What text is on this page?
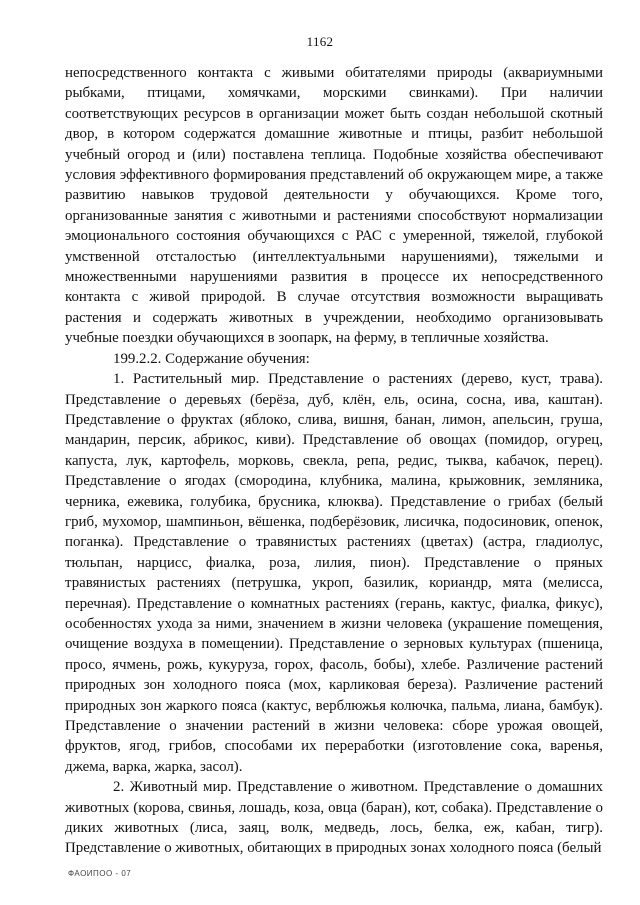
1162

непосредственного контакта с живыми обитателями природы (аквариумными рыбками, птицами, хомячками, морскими свинками). При наличии соответствующих ресурсов в организации может быть создан небольшой скотный двор, в котором содержатся домашние животные и птицы, разбит небольшой учебный огород и (или) поставлена теплица. Подобные хозяйства обеспечивают условия эффективного формирования представлений об окружающем мире, а также развитию навыков трудовой деятельности у обучающихся. Кроме того, организованные занятия с животными и растениями способствуют нормализации эмоционального состояния обучающихся с РАС с умеренной, тяжелой, глубокой умственной отсталостью (интеллектуальными нарушениями), тяжелыми и множественными нарушениями развития в процессе их непосредственного контакта с живой природой. В случае отсутствия возможности выращивать растения и содержать животных в учреждении, необходимо организовывать учебные поездки обучающихся в зоопарк, на ферму, в тепличные хозяйства.

199.2.2. Содержание обучения:

1. Растительный мир. Представление о растениях (дерево, куст, трава). Представление о деревьях (берёза, дуб, клён, ель, осина, сосна, ива, каштан). Представление о фруктах (яблоко, слива, вишня, банан, лимон, апельсин, груша, мандарин, персик, абрикос, киви). Представление об овощах (помидор, огурец, капуста, лук, картофель, морковь, свекла, репа, редис, тыква, кабачок, перец). Представление о ягодах (смородина, клубника, малина, крыжовник, земляника, черника, ежевика, голубика, брусника, клюква). Представление о грибах (белый гриб, мухомор, шампиньон, вёшенка, подберёзовик, лисичка, подосиновик, опенок, поганка). Представление о травянистых растениях (цветах) (астра, гладиолус, тюльпан, нарцисс, фиалка, роза, лилия, пион). Представление о пряных травянистых растениях (петрушка, укроп, базилик, кориандр, мята (мелисса, перечная). Представление о комнатных растениях (герань, кактус, фиалка, фикус), особенностях ухода за ними, значением в жизни человека (украшение помещения, очищение воздуха в помещении). Представление о зерновых культурах (пшеница, просо, ячмень, рожь, кукуруза, горох, фасоль, бобы), хлебе. Различение растений природных зон холодного пояса (мох, карликовая береза). Различение растений природных зон жаркого пояса (кактус, верблюжья колючка, пальма, лиана, бамбук). Представление о значении растений в жизни человека: сборе урожая овощей, фруктов, ягод, грибов, способами их переработки (изготовление сока, варенья, джема, варка, жарка, засол).

2. Животный мир. Представление о животном. Представление о домашних животных (корова, свинья, лошадь, коза, овца (баран), кот, собака). Представление о диких животных (лиса, заяц, волк, медведь, лось, белка, еж, кабан, тигр). Представление о животных, обитающих в природных зонах холодного пояса (белый

ФАОИПОО - 07
